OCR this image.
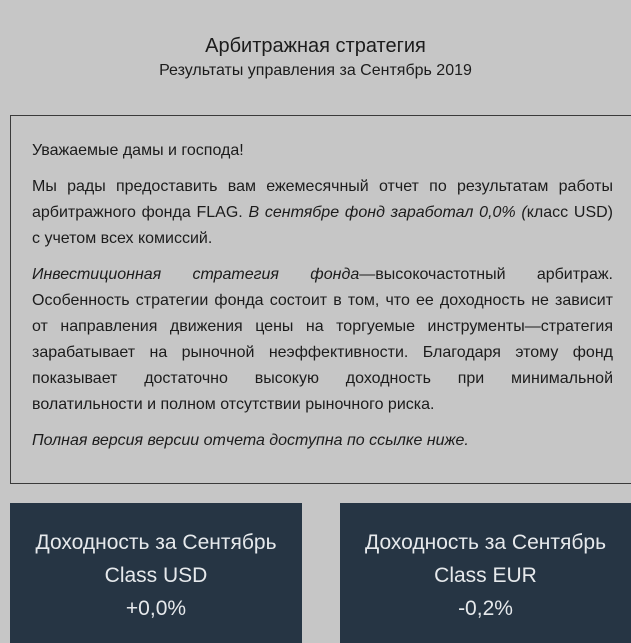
Арбитражная стратегия
Результаты управления за Сентябрь 2019

Уважаемые дамы и господа!

Мы рады предоставить вам ежемесячный отчет по результатам работы арбитражного фонда FLAG. В сентябре фонд заработал 0,0% (класс USD) с учетом всех комиссий.

Инвестиционная стратегия фонда—высокочастотный арбитраж. Особенность стратегии фонда состоит в том, что ее доходность не зависит от направления движения цены на торгуемые инструменты—стратегия зарабатывает на рыночной неэффективности. Благодаря этому фонд показывает достаточно высокую доходность при минимальной волатильности и полном отсутствии рыночного риска.

Полная версия версии отчета доступна по ссылке ниже.

Доходность за Сентябрь
Class USD
+0,0%
Доходность за Сентябрь
Class EUR
-0,2%
